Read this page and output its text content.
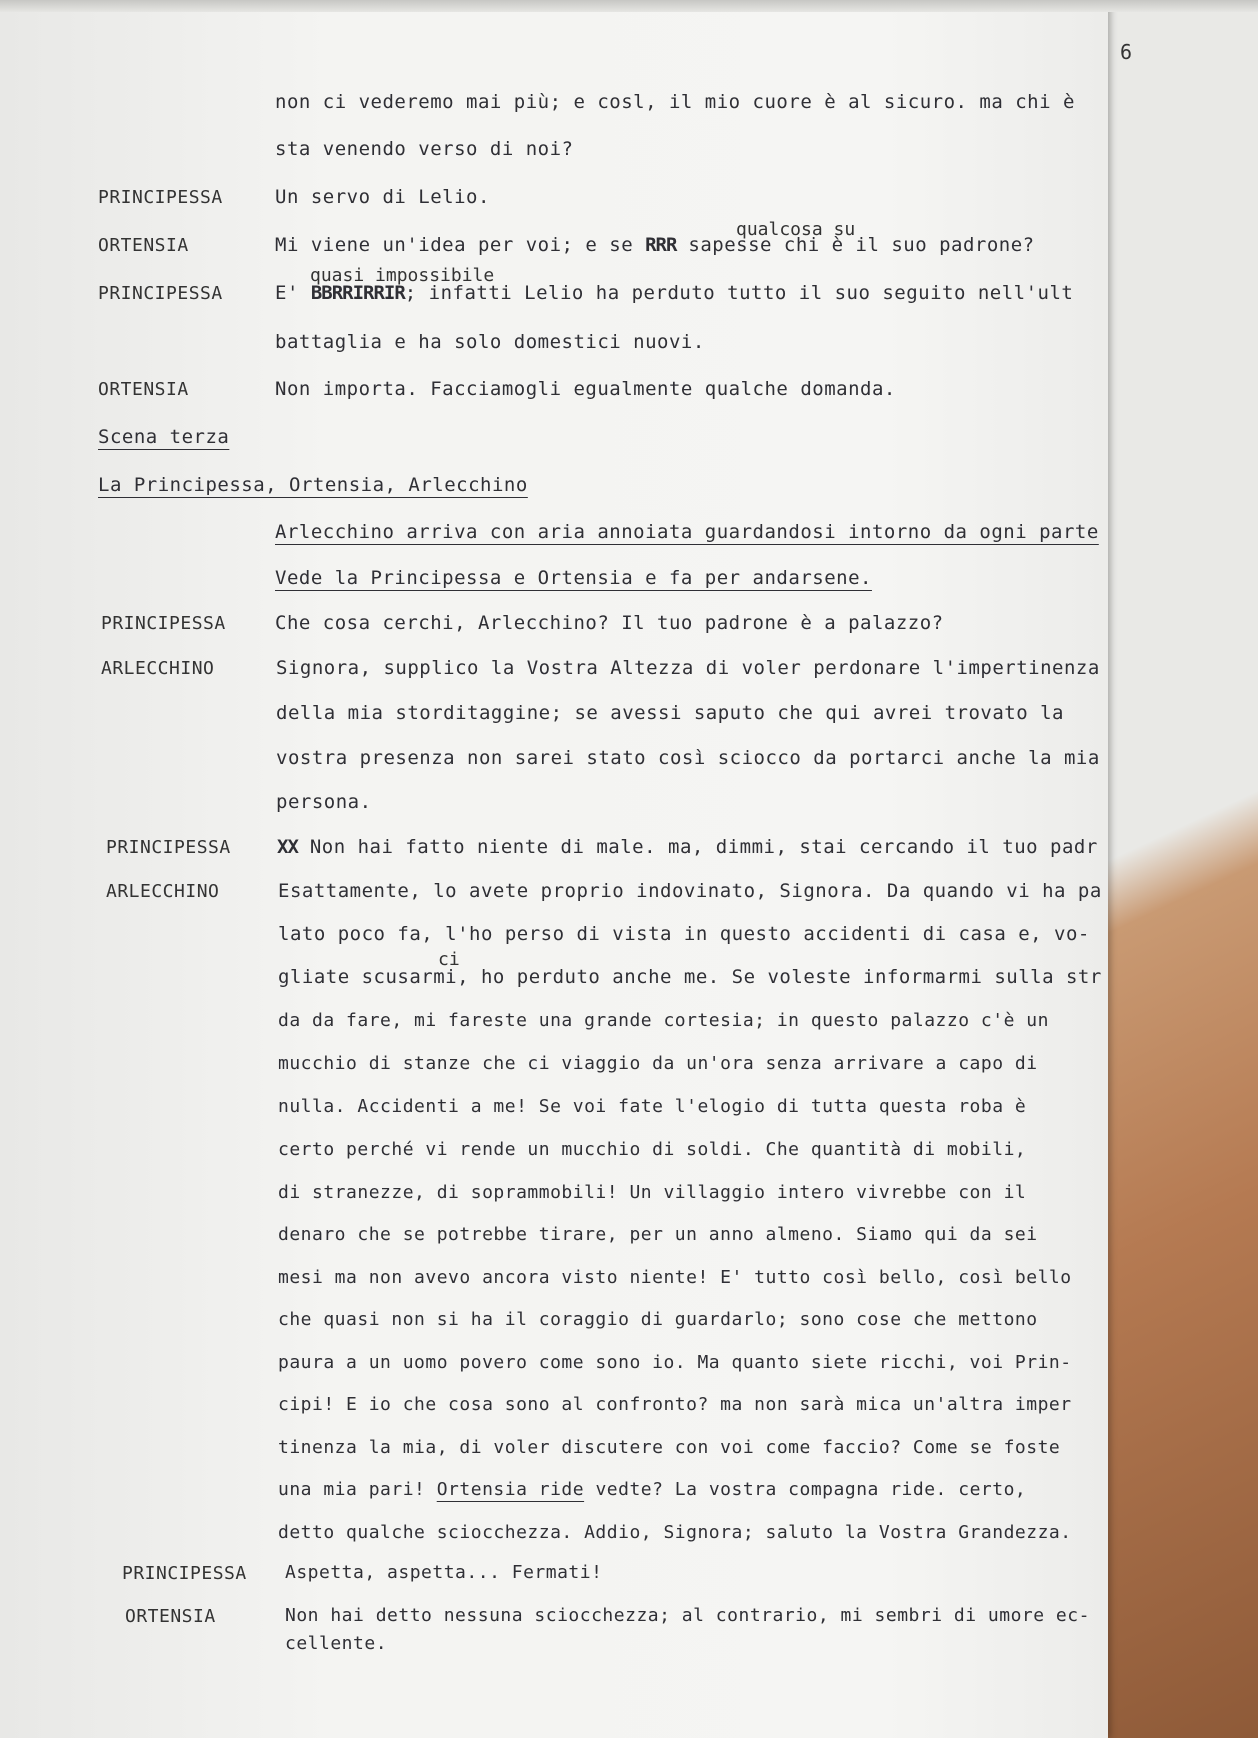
6
non ci vederemo mai più; e cosl, il mio cuore è al sicuro. ma chi è
sta venendo verso di noi?
PRINCIPESSA	Un servo di Lelio.
qualcosa su
ORTENSIA	Mi viene un'idea per voi; e se RRR sapesse chi è il suo padrone?
quasi impossibile
PRINCIPESSA	E' BBRRIRRIR; infatti Lelio ha perduto tutto il suo seguito nell'ult
battaglia e ha solo domestici nuovi.
ORTENSIA	Non importa. Facciamogli egualmente qualche domanda.
Scena terza
La Principessa, Ortensia, Arlecchino
Arlecchino arriva con aria annoiata guardandosi intorno da ogni parte
Vede la Principessa e Ortensia e fa per andarsene.
PRINCIPESSA	Che cosa cerchi, Arlecchino? Il tuo padrone è a palazzo?
ARLECCHINO	Signora, supplico la Vostra Altezza di voler perdonare l'impertinenza
della mia storditaggine; se avessi saputo che qui avrei trovato la
vostra presenza non sarei stato così sciocco da portarci anche la mia
persona.
PRINCIPESSA XX Non hai fatto niente di male. ma, dimmi, stai cercando il tuo padr
ARLECCHINO	Esattamente, lo avete proprio indovinato, Signora. Da quando vi ha pa
lato poco fa, l'ho perso di vista in questo accidenti di casa e, vo-
ci
gliate scusarmi, ho perduto anche me. Se voleste informarmi sulla str
da da fare, mi fareste una grande cortesia; in questo palazzo c'è un
mucchio di stanze che ci viaggio da un'ora senza arrivare a capo di
nulla. Accidenti a me! Se voi fate l'elogio di tutta questa roba è
certo perché vi rende un mucchio di soldi. Che quantità di mobili,
di stranezze, di soprammobili! Un villaggio intero vivrebbe con il
denaro che se potrebbe tirare, per un anno almeno. Siamo qui da sei
mesi ma non avevo ancora visto niente! E' tutto così bello, così bello
che quasi non si ha il coraggio di guardarlo; sono cose che mettono
paura a un uomo povero come sono io. Ma quanto siete ricchi, voi Prin-
cipi! E io che cosa sono al confronto? ma non sarà mica un'altra imper
tinenza la mia, di voler discutere con voi come faccio? Come se foste
una mia pari! Ortensia ride vedte? La vostra compagna ride. certo,
detto qualche sciocchezza. Addio, Signora; saluto la Vostra Grandezza.
PRINCIPESSA Aspetta, aspetta... Fermati!
ORTENSIA	Non hai detto nessuna sciocchezza; al contrario, mi sembri di umore ec-
cellente.
